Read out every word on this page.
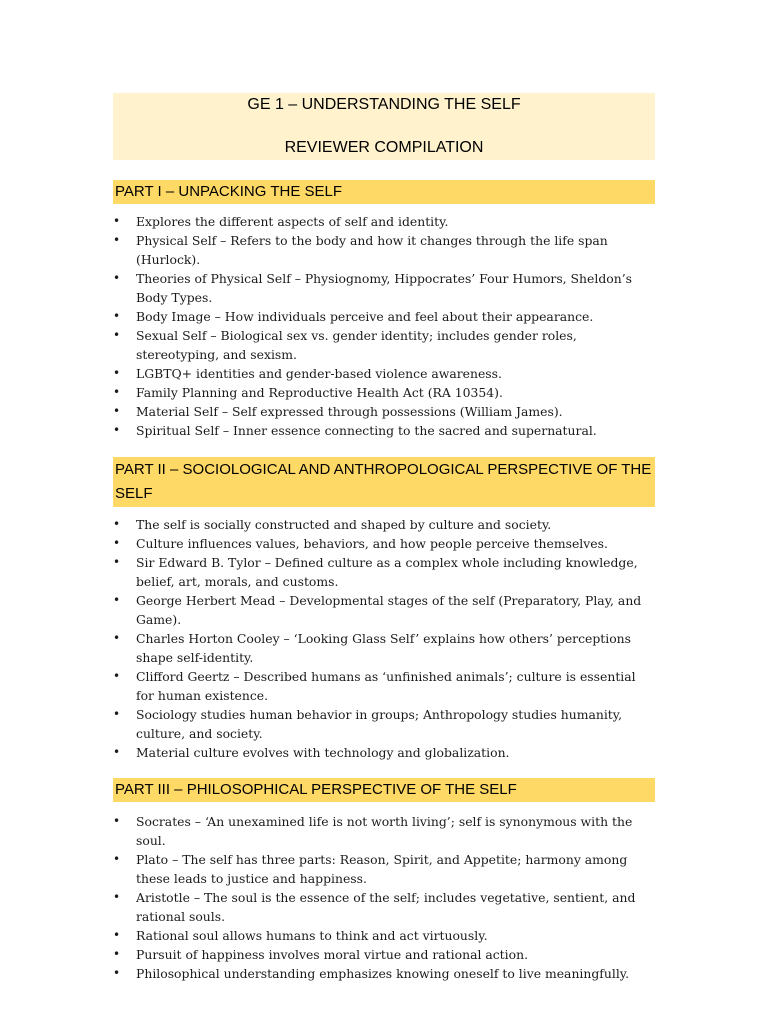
GE 1 – UNDERSTANDING THE SELF
REVIEWER COMPILATION
PART I – UNPACKING THE SELF
• Explores the different aspects of self and identity.
• Physical Self – Refers to the body and how it changes through the life span (Hurlock).
• Theories of Physical Self – Physiognomy, Hippocrates’ Four Humors, Sheldon’s Body Types.
• Body Image – How individuals perceive and feel about their appearance.
• Sexual Self – Biological sex vs. gender identity; includes gender roles, stereotyping, and sexism.
• LGBTQ+ identities and gender-based violence awareness.
• Family Planning and Reproductive Health Act (RA 10354).
• Material Self – Self expressed through possessions (William James).
• Spiritual Self – Inner essence connecting to the sacred and supernatural.
PART II – SOCIOLOGICAL AND ANTHROPOLOGICAL PERSPECTIVE OF THE SELF
• The self is socially constructed and shaped by culture and society.
• Culture influences values, behaviors, and how people perceive themselves.
• Sir Edward B. Tylor – Defined culture as a complex whole including knowledge, belief, art, morals, and customs.
• George Herbert Mead – Developmental stages of the self (Preparatory, Play, and Game).
• Charles Horton Cooley – ‘Looking Glass Self’ explains how others’ perceptions shape self-identity.
• Clifford Geertz – Described humans as ‘unfinished animals’; culture is essential for human existence.
• Sociology studies human behavior in groups; Anthropology studies humanity, culture, and society.
• Material culture evolves with technology and globalization.
PART III – PHILOSOPHICAL PERSPECTIVE OF THE SELF
• Socrates – ‘An unexamined life is not worth living’; self is synonymous with the soul.
• Plato – The self has three parts: Reason, Spirit, and Appetite; harmony among these leads to justice and happiness.
• Aristotle – The soul is the essence of the self; includes vegetative, sentient, and rational souls.
• Rational soul allows humans to think and act virtuously.
• Pursuit of happiness involves moral virtue and rational action.
• Philosophical understanding emphasizes knowing oneself to live meaningfully.
